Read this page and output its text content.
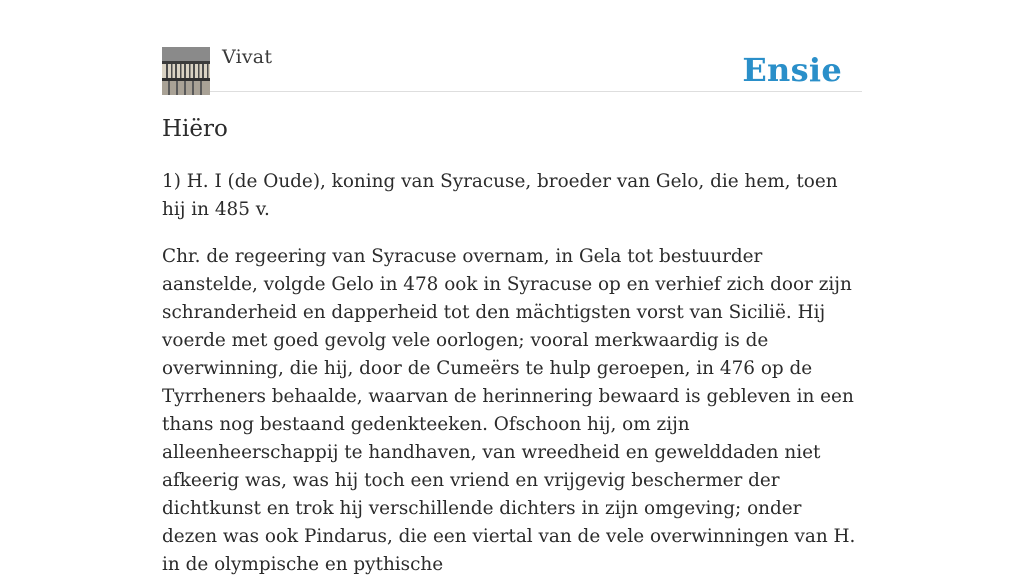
Vivat	Ensie
Hiëro

1) H. I (de Oude), koning van Syracuse, broeder van Gelo, die hem, toen hij in 485 v.

Chr. de regeering van Syracuse overnam, in Gela tot bestuurder aanstelde, volgde Gelo in 478 ook in Syracuse op en verhief zich door zijn schranderheid en dapperheid tot den mächtigsten vorst van Sicilië. Hij voerde met goed gevolg vele oorlogen; vooral merkwaardig is de overwinning, die hij, door de Cumeërs te hulp geroepen, in 476 op de Tyrrheners behaalde, waarvan de herinnering bewaard is gebleven in een thans nog bestaand gedenkteeken. Ofschoon hij, om zijn alleenheerschappij te handhaven, van wreedheid en gewelddaden niet afkeerig was, was hij toch een vriend en vrijgevig beschermer der dichtkunst en trok hij verschillende dichters in zijn omgeving; onder dezen was ook Pindarus, die een viertal van de vele overwinningen van H. in de olympische en pythische
